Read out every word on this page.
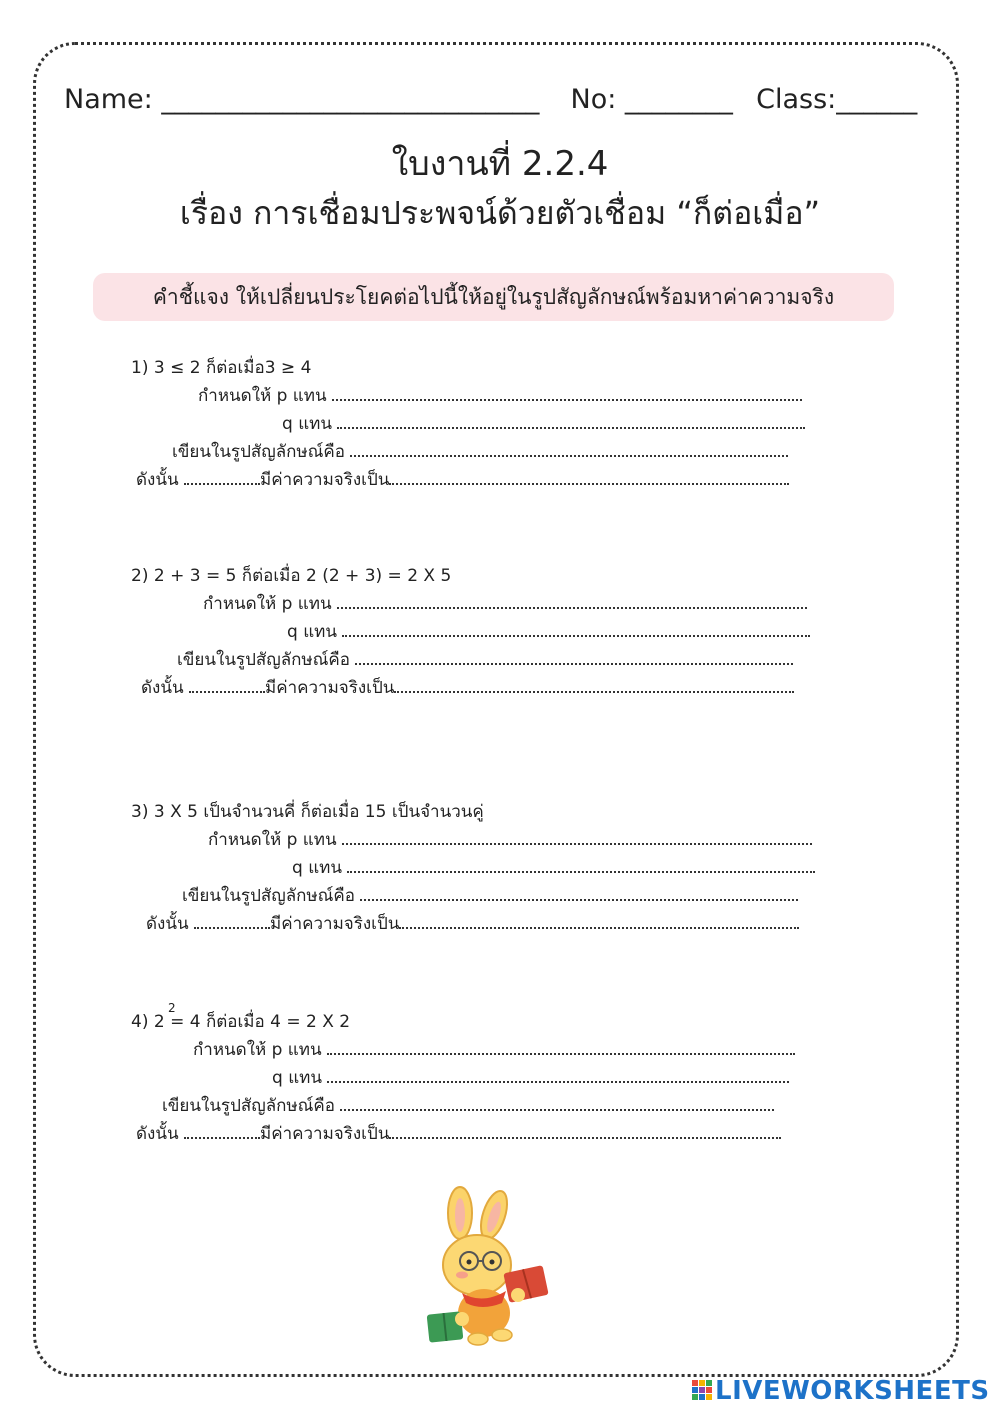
Name: ____________________________ No: ________ Class:______
ใบงานที่ 2.2.4
เรื่อง การเชื่อมประพจน์ด้วยตัวเชื่อม “ก็ต่อเมื่อ”
คำชี้แจง ให้เปลี่ยนประโยคต่อไปนี้ให้อยู่ในรูปสัญลักษณ์พร้อมหาค่าความจริง
1) 3 ≤ 2 ก็ต่อเมื่อ3 ≥ 4
กำหนดให้ p แทน
q แทน
เขียนในรูปสัญลักษณ์คือ
ดังนั้น	มีค่าความจริงเป็น
2) 2 + 3 = 5 ก็ต่อเมื่อ 2 (2 + 3) = 2 X 5
กำหนดให้ p แทน
q แทน
เขียนในรูปสัญลักษณ์คือ
ดังนั้น	มีค่าความจริงเป็น
3) 3 X 5 เป็นจำนวนคี่ ก็ต่อเมื่อ 15 เป็นจำนวนคู่
กำหนดให้ p แทน
q แทน
เขียนในรูปสัญลักษณ์คือ
ดังนั้น	มีค่าความจริงเป็น
4) 2 = 4 ก็ต่อเมื่อ 4 = 2 X 2
2
กำหนดให้ p แทน
q แทน
เขียนในรูปสัญลักษณ์คือ
ดังนั้น	มีค่าความจริงเป็น
LIVEWORKSHEETS
